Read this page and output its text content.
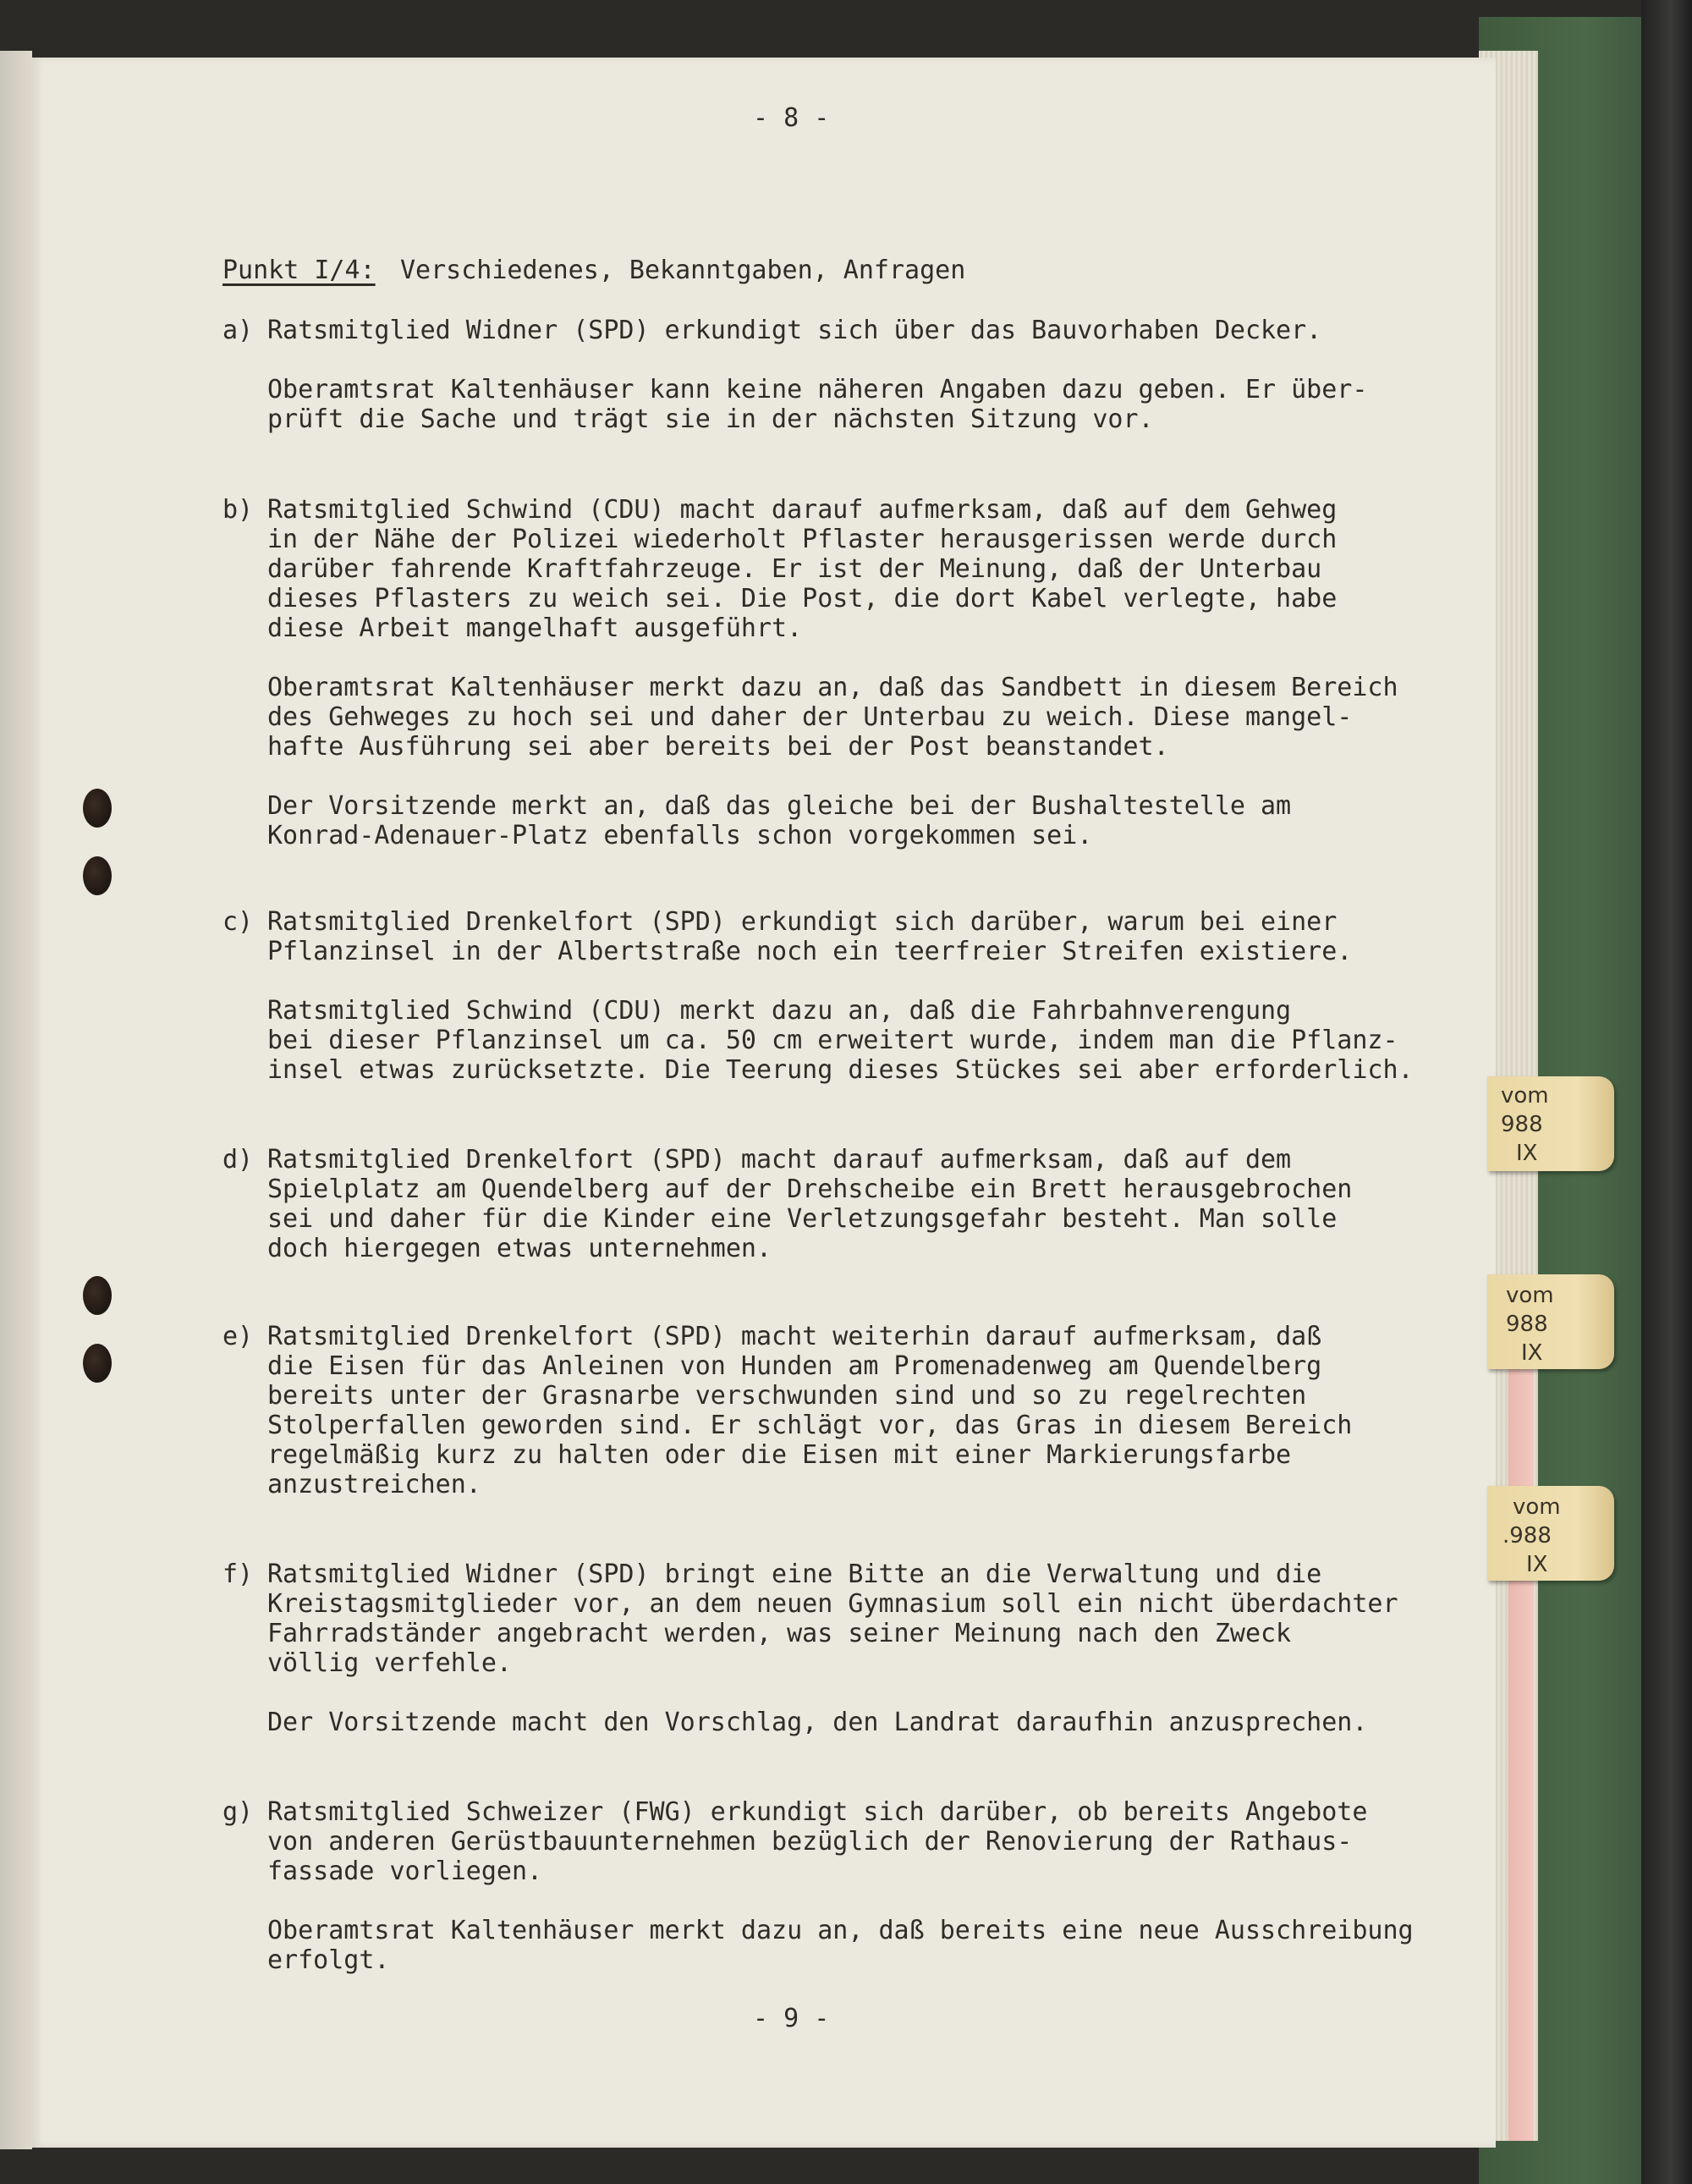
vom
988
IX
vom
988
IX
vom
.988
IX
- 8 -
Punkt I/4: Verschiedenes, Bekanntgaben, Anfragen
a) Ratsmitglied Widner (SPD) erkundigt sich über das Bauvorhaben Decker.
Oberamtsrat Kaltenhäuser kann keine näheren Angaben dazu geben. Er über-
prüft die Sache und trägt sie in der nächsten Sitzung vor.
b) Ratsmitglied Schwind (CDU) macht darauf aufmerksam, daß auf dem Gehweg
in der Nähe der Polizei wiederholt Pflaster herausgerissen werde durch
darüber fahrende Kraftfahrzeuge. Er ist der Meinung, daß der Unterbau
dieses Pflasters zu weich sei. Die Post, die dort Kabel verlegte, habe
diese Arbeit mangelhaft ausgeführt.
Oberamtsrat Kaltenhäuser merkt dazu an, daß das Sandbett in diesem Bereich
des Gehweges zu hoch sei und daher der Unterbau zu weich. Diese mangel-
hafte Ausführung sei aber bereits bei der Post beanstandet.
Der Vorsitzende merkt an, daß das gleiche bei der Bushaltestelle am
Konrad-Adenauer-Platz ebenfalls schon vorgekommen sei.
c) Ratsmitglied Drenkelfort (SPD) erkundigt sich darüber, warum bei einer
Pflanzinsel in der Albertstraße noch ein teerfreier Streifen existiere.
Ratsmitglied Schwind (CDU) merkt dazu an, daß die Fahrbahnverengung
bei dieser Pflanzinsel um ca. 50 cm erweitert wurde, indem man die Pflanz-
insel etwas zurücksetzte. Die Teerung dieses Stückes sei aber erforderlich.
d) Ratsmitglied Drenkelfort (SPD) macht darauf aufmerksam, daß auf dem
Spielplatz am Quendelberg auf der Drehscheibe ein Brett herausgebrochen
sei und daher für die Kinder eine Verletzungsgefahr besteht. Man solle
doch hiergegen etwas unternehmen.
e) Ratsmitglied Drenkelfort (SPD) macht weiterhin darauf aufmerksam, daß
die Eisen für das Anleinen von Hunden am Promenadenweg am Quendelberg
bereits unter der Grasnarbe verschwunden sind und so zu regelrechten
Stolperfallen geworden sind. Er schlägt vor, das Gras in diesem Bereich
regelmäßig kurz zu halten oder die Eisen mit einer Markierungsfarbe
anzustreichen.
f) Ratsmitglied Widner (SPD) bringt eine Bitte an die Verwaltung und die
Kreistagsmitglieder vor, an dem neuen Gymnasium soll ein nicht überdachter
Fahrradständer angebracht werden, was seiner Meinung nach den Zweck
völlig verfehle.
Der Vorsitzende macht den Vorschlag, den Landrat daraufhin anzusprechen.
g) Ratsmitglied Schweizer (FWG) erkundigt sich darüber, ob bereits Angebote
von anderen Gerüstbauunternehmen bezüglich der Renovierung der Rathaus-
fassade vorliegen.
Oberamtsrat Kaltenhäuser merkt dazu an, daß bereits eine neue Ausschreibung
erfolgt.
- 9 -
